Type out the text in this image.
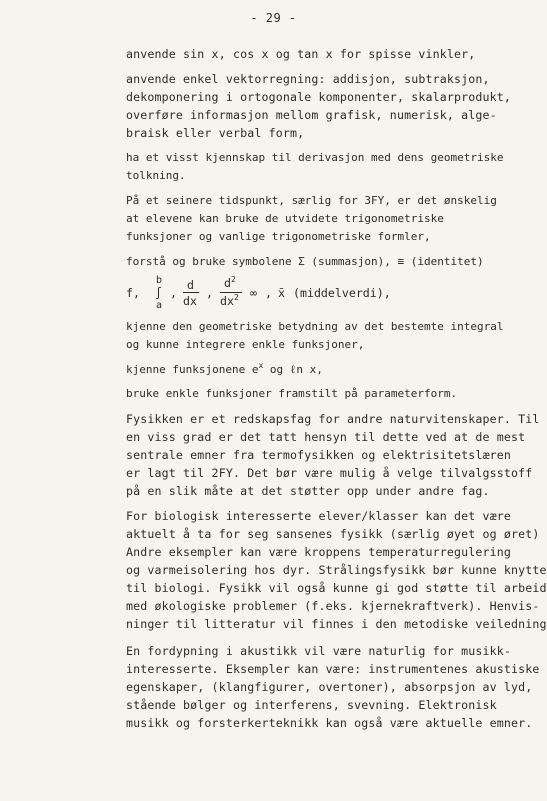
- 29 -
anvende sin x, cos x og tan x for spisse vinkler,
anvende enkel vektorregning: addisjon, subtraksjon,
dekomponering i ortogonale komponenter, skalarprodukt,
overføre informasjon mellom grafisk, numerisk, alge-
braisk eller verbal form,
ha et visst kjennskap til derivasjon med dens geometriske
tolkning.
På et seinere tidspunkt, særlig for 3FY, er det ønskelig
at elevene kan bruke de utvidete trigonometriske
funksjoner og vanlige trigonometriske formler,
forstå og bruke symbolene Σ (summasjon), ≡ (identitet)
f,
b
∫
a
,
d
dx
,
$d^2$
$dx^2$ ∞ , x̄ (middelverdi),
kjenne den geometriske betydning av det bestemte integral
og kunne integrere enkle funksjoner,
kjenne funksjonene $e^x$ og ℓn x,
bruke enkle funksjoner framstilt på parameterform.
Fysikken er et redskapsfag for andre naturvitenskaper. Til
en viss grad er det tatt hensyn til dette ved at de mest
sentrale emner fra termofysikken og elektrisitetslæren
er lagt til 2FY. Det bør være mulig å velge tilvalgsstoff
på en slik måte at det støtter opp under andre fag.
For biologisk interesserte elever/klasser kan det være
aktuelt å ta for seg sansenes fysikk (særlig øyet og øret)
Andre eksempler kan være kroppens temperaturregulering
og varmeisolering hos dyr. Strålingsfysikk bør kunne knytte
til biologi. Fysikk vil også kunne gi god støtte til arbeid
med økologiske problemer (f.eks. kjernekraftverk). Henvis-
ninger til litteratur vil finnes i den metodiske veiledning
En fordypning i akustikk vil være naturlig for musikk-
interesserte. Eksempler kan være: instrumentenes akustiske
egenskaper, (klangfigurer, overtoner), absorpsjon av lyd,
stående bølger og interferens, svevning. Elektronisk
musikk og forsterkerteknikk kan også være aktuelle emner.
